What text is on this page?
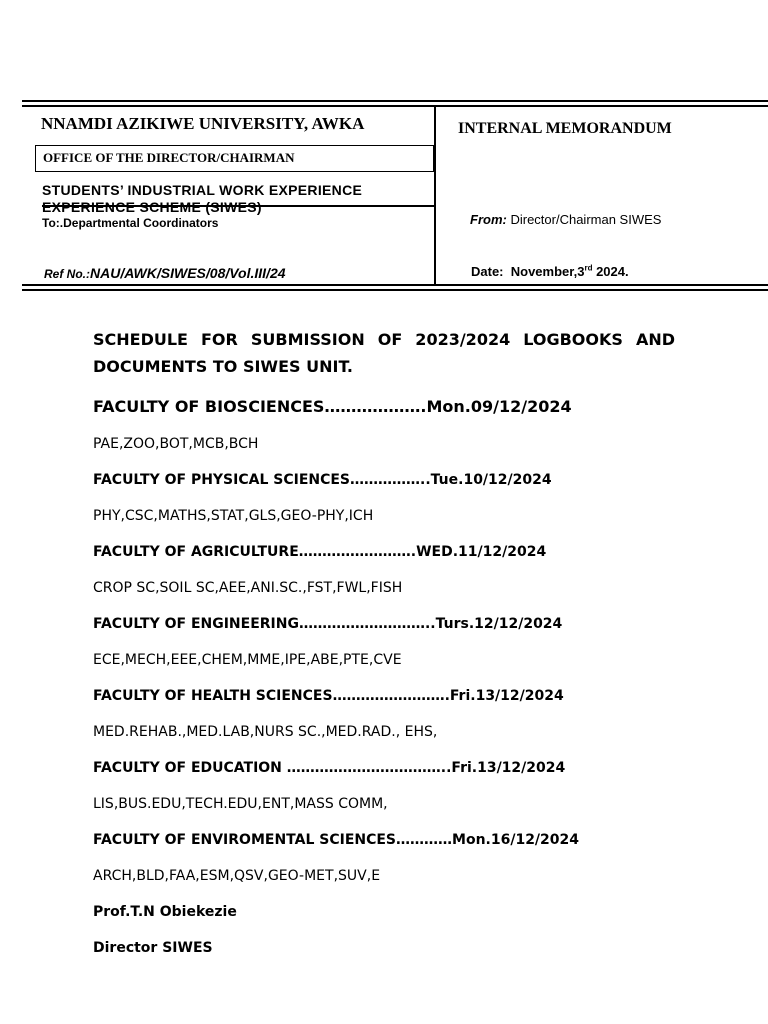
NNAMDI AZIKIWE UNIVERSITY, AWKA
OFFICE OF THE DIRECTOR/CHAIRMAN
STUDENTS’ INDUSTRIAL WORK EXPERIENCE
EXPERIENCE SCHEME (SIWES)
To:.Departmental Coordinators
Ref No.:NAU/AWK/SIWES/08/Vol.III/24
INTERNAL MEMORANDUM
From: Director/Chairman SIWES
Date: November,3rd 2024.
SCHEDULE FOR SUBMISSION OF 2023/2024 LOGBOOKS AND
DOCUMENTS TO SIWES UNIT.
FACULTY OF BIOSCIENCES……………….Mon.09/12/2024
PAE,ZOO,BOT,MCB,BCH
FACULTY OF PHYSICAL SCIENCES……………..Tue.10/12/2024
PHY,CSC,MATHS,STAT,GLS,GEO-PHY,ICH
FACULTY OF AGRICULTURE…………………….WED.11/12/2024
CROP SC,SOIL SC,AEE,ANI.SC.,FST,FWL,FISH
FACULTY OF ENGINEERING………………………..Turs.12/12/2024
ECE,MECH,EEE,CHEM,MME,IPE,ABE,PTE,CVE
FACULTY OF HEALTH SCIENCES…………………….Fri.13/12/2024
MED.REHAB.,MED.LAB,NURS SC.,MED.RAD., EHS,
FACULTY OF EDUCATION ……………………………..Fri.13/12/2024
LIS,BUS.EDU,TECH.EDU,ENT,MASS COMM,
FACULTY OF ENVIROMENTAL SCIENCES…………Mon.16/12/2024
ARCH,BLD,FAA,ESM,QSV,GEO-MET,SUV,E
Prof.T.N Obiekezie
Director SIWES
